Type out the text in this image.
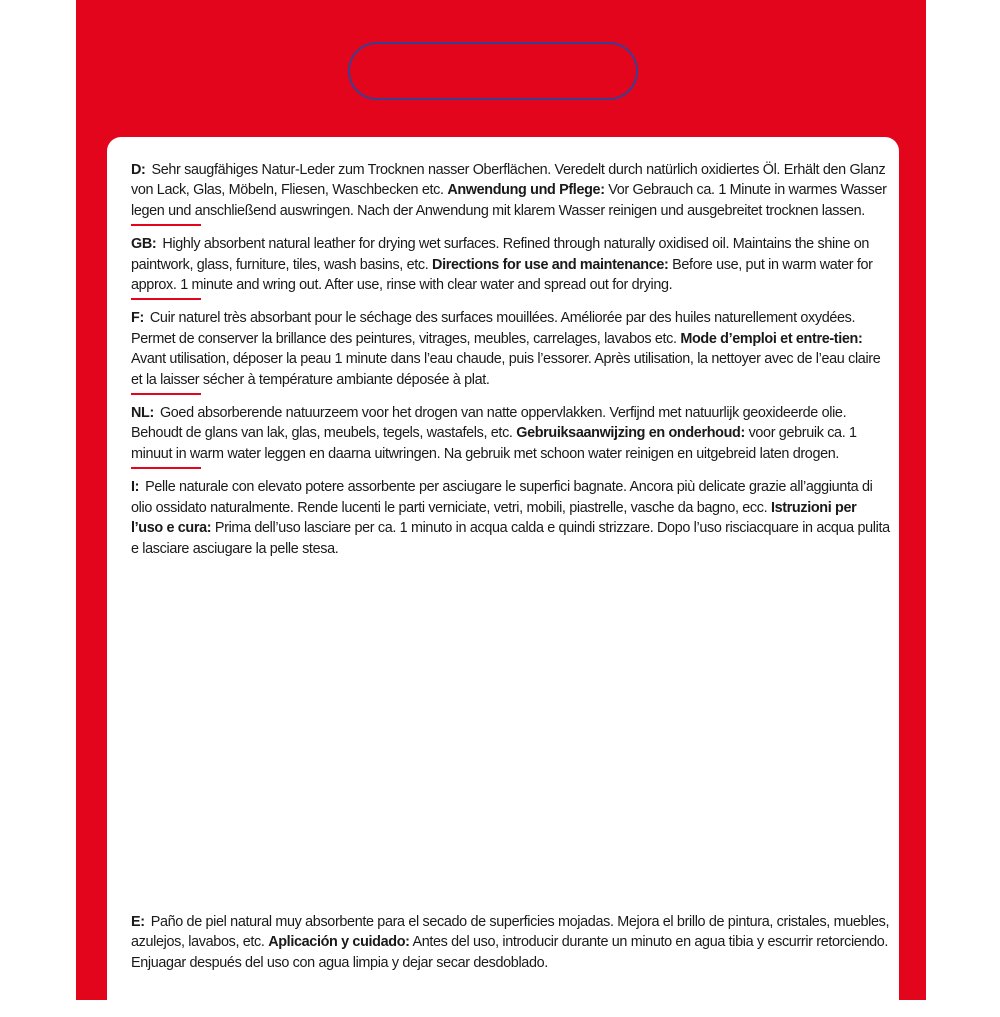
D: Sehr saugfähiges Natur-Leder zum Trocknen nasser Oberflächen. Veredelt durch natürlich oxidiertes Öl. Erhält den Glanz von Lack, Glas, Möbeln, Fliesen, Waschbecken etc. Anwendung und Pflege: Vor Gebrauch ca. 1 Minute in warmes Wasser legen und anschließend auswringen. Nach der Anwendung mit klarem Wasser reinigen und ausgebreitet trocknen lassen.

GB: Highly absorbent natural leather for drying wet surfaces. Refined through naturally oxidised oil. Maintains the shine on paintwork, glass, furniture, tiles, wash basins, etc. Directions for use and maintenance: Before use, put in warm water for approx. 1 minute and wring out. After use, rinse with clear water and spread out for drying.

F: Cuir naturel très absorbant pour le séchage des surfaces mouillées. Améliorée par des huiles naturellement oxydées. Permet de conserver la brillance des peintures, vitrages, meubles, carrelages, lavabos etc. Mode d’emploi et entre-tien: Avant utilisation, déposer la peau 1 minute dans l’eau chaude, puis l’essorer. Après utilisation, la nettoyer avec de l’eau claire et la laisser sécher à température ambiante déposée à plat.

NL: Goed absorberende natuurzeem voor het drogen van natte oppervlakken. Verfijnd met natuurlijk geoxideerde olie. Behoudt de glans van lak, glas, meubels, tegels, wastafels, etc. Gebruiksaanwijzing en onderhoud: voor gebruik ca. 1 minuut in warm water leggen en daarna uitwringen. Na gebruik met schoon water reinigen en uitgebreid laten drogen.

I: Pelle naturale con elevato potere assorbente per asciugare le superfici bagnate. Ancora più delicate grazie all’aggiunta di olio ossidato naturalmente. Rende lucenti le parti verniciate, vetri, mobili, piastrelle, vasche da bagno, ecc. Istruzioni per l’uso e cura: Prima dell’uso lasciare per ca. 1 minuto in acqua calda e quindi strizzare. Dopo l’uso risciacquare in acqua pulita e lasciare asciugare la pelle stesa.

E: Paño de piel natural muy absorbente para el secado de superficies mojadas. Mejora el brillo de pintura, cristales, muebles, azulejos, lavabos, etc. Aplicación y cuidado: Antes del uso, introducir durante un minuto en agua tibia y escurrir retorciendo. Enjuagar después del uso con agua limpia y dejar secar desdoblado.
